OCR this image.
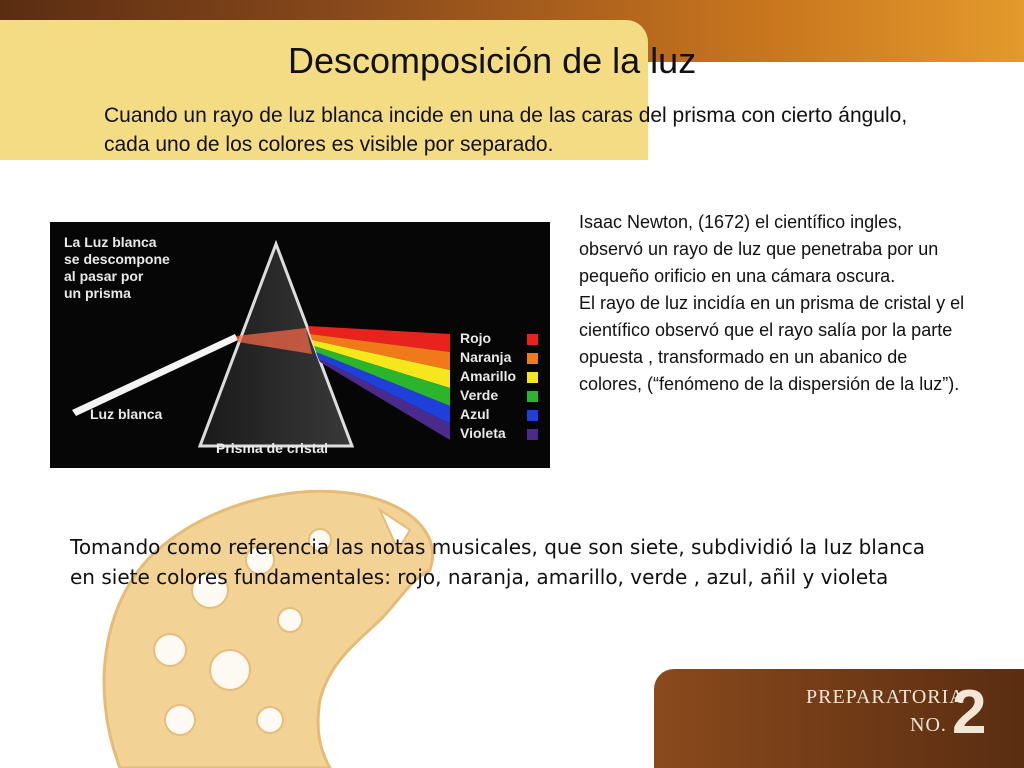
Descomposición de la luz

Cuando un rayo de luz blanca incide en una de las caras del prisma con cierto ángulo, cada uno de los colores es visible por separado.

La Luz blanca
se descompone
al pasar por
un prisma
Luz blanca
Prisma de cristal
Rojo
Naranja
Amarillo
Verde
Azul
Violeta

Isaac Newton, (1672) el científico ingles, observó un rayo de luz que penetraba por un pequeño orificio en una cámara oscura.
El rayo de luz incidía en un prisma de cristal y el científico observó que el rayo salía por la parte opuesta , transformado en un abanico de colores, (“fenómeno de la dispersión de la luz”).

Tomando como referencia las notas musicales, que son siete, subdividió la luz blanca en siete colores fundamentales: rojo, naranja, amarillo, verde , azul, añil y violeta

PREPARATORIA
NO. 2
